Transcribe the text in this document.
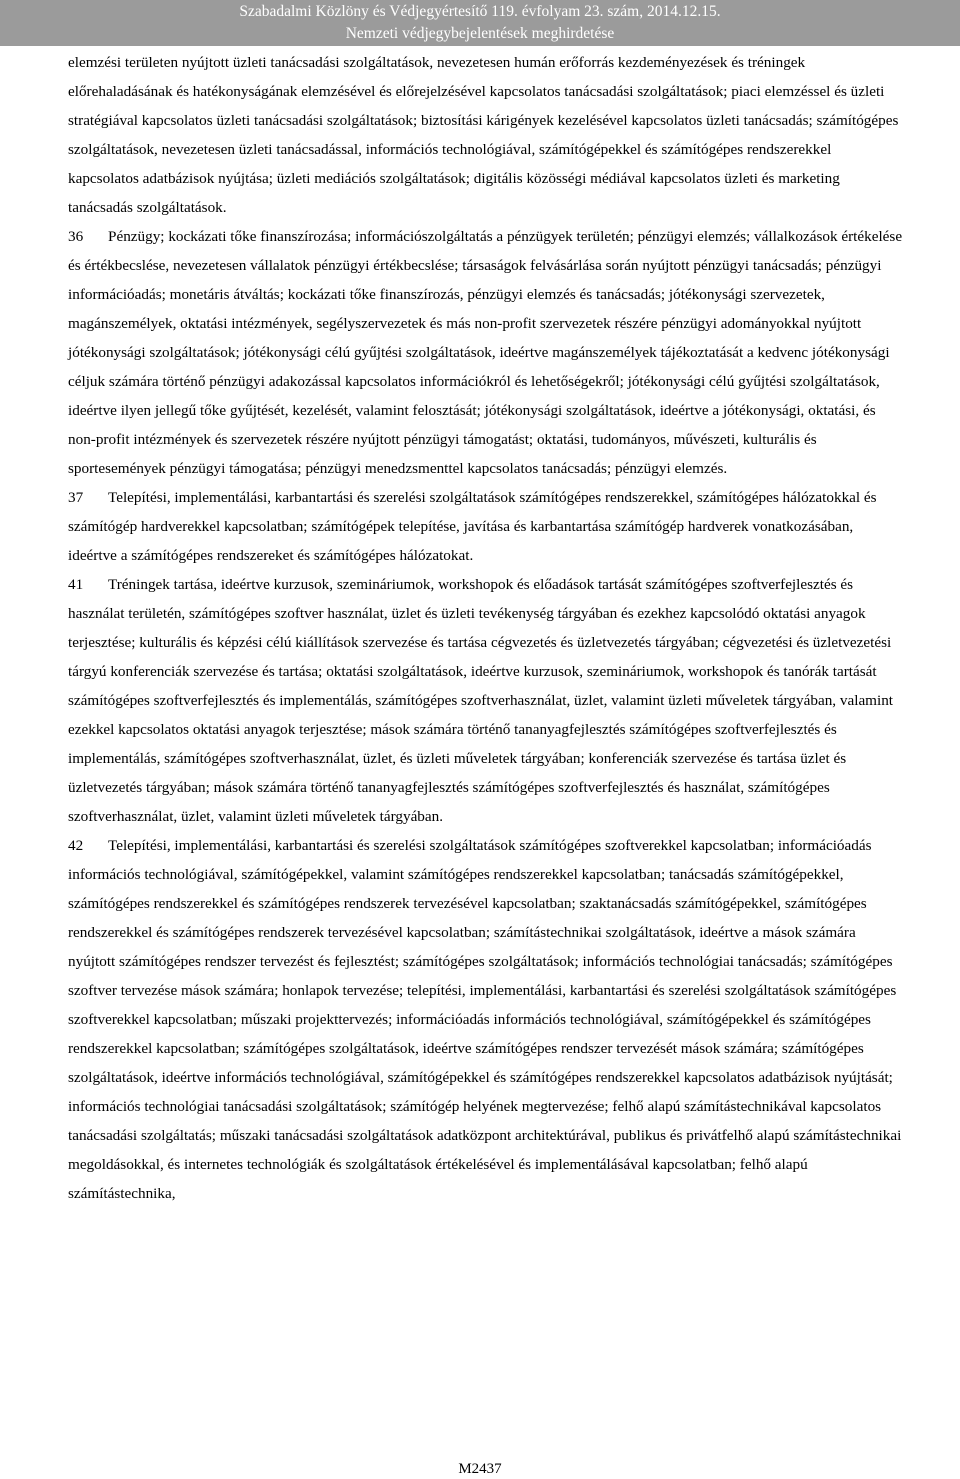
Szabadalmi Közlöny és Védjegyértesítő 119. évfolyam 23. szám, 2014.12.15.
Nemzeti védjegybejelentések meghirdetése

elemzési területen nyújtott üzleti tanácsadási szolgáltatások, nevezetesen humán erőforrás kezdeményezések és tréningek előrehaladásának és hatékonyságának elemzésével és előrejelzésével kapcsolatos tanácsadási szolgáltatások; piaci elemzéssel és üzleti stratégiával kapcsolatos üzleti tanácsadási szolgáltatások; biztosítási kárigények kezelésével kapcsolatos üzleti tanácsadás; számítógépes szolgáltatások, nevezetesen üzleti tanácsadással, információs technológiával, számítógépekkel és számítógépes rendszerekkel kapcsolatos adatbázisok nyújtása; üzleti mediációs szolgáltatások; digitális közösségi médiával kapcsolatos üzleti és marketing tanácsadás szolgáltatások.

36 Pénzügy; kockázati tőke finanszírozása; információszolgáltatás a pénzügyek területén; pénzügyi elemzés; vállalkozások értékelése és értékbecslése, nevezetesen vállalatok pénzügyi értékbecslése; társaságok felvásárlása során nyújtott pénzügyi tanácsadás; pénzügyi információadás; monetáris átváltás; kockázati tőke finanszírozás, pénzügyi elemzés és tanácsadás; jótékonysági szervezetek, magánszemélyek, oktatási intézmények, segélyszervezetek és más non-profit szervezetek részére pénzügyi adományokkal nyújtott jótékonysági szolgáltatások; jótékonysági célú gyűjtési szolgáltatások, ideértve magánszemélyek tájékoztatását a kedvenc jótékonysági céljuk számára történő pénzügyi adakozással kapcsolatos információkról és lehetőségekről; jótékonysági célú gyűjtési szolgáltatások, ideértve ilyen jellegű tőke gyűjtését, kezelését, valamint felosztását; jótékonysági szolgáltatások, ideértve a jótékonysági, oktatási, és non-profit intézmények és szervezetek részére nyújtott pénzügyi támogatást; oktatási, tudományos, művészeti, kulturális és sportesemények pénzügyi támogatása; pénzügyi menedzsmenttel kapcsolatos tanácsadás; pénzügyi elemzés.

37 Telepítési, implementálási, karbantartási és szerelési szolgáltatások számítógépes rendszerekkel, számítógépes hálózatokkal és számítógép hardverekkel kapcsolatban; számítógépek telepítése, javítása és karbantartása számítógép hardverek vonatkozásában, ideértve a számítógépes rendszereket és számítógépes hálózatokat.

41 Tréningek tartása, ideértve kurzusok, szemináriumok, workshopok és előadások tartását számítógépes szoftverfejlesztés és használat területén, számítógépes szoftver használat, üzlet és üzleti tevékenység tárgyában és ezekhez kapcsolódó oktatási anyagok terjesztése; kulturális és képzési célú kiállítások szervezése és tartása cégvezetés és üzletvezetés tárgyában; cégvezetési és üzletvezetési tárgyú konferenciák szervezése és tartása; oktatási szolgáltatások, ideértve kurzusok, szemináriumok, workshopok és tanórák tartását számítógépes szoftverfejlesztés és implementálás, számítógépes szoftverhasználat, üzlet, valamint üzleti műveletek tárgyában, valamint ezekkel kapcsolatos oktatási anyagok terjesztése; mások számára történő tananyagfejlesztés számítógépes szoftverfejlesztés és implementálás, számítógépes szoftverhasználat, üzlet, és üzleti műveletek tárgyában; konferenciák szervezése és tartása üzlet és üzletvezetés tárgyában; mások számára történő tananyagfejlesztés számítógépes szoftverfejlesztés és használat, számítógépes szoftverhasználat, üzlet, valamint üzleti műveletek tárgyában.

42 Telepítési, implementálási, karbantartási és szerelési szolgáltatások számítógépes szoftverekkel kapcsolatban; információadás információs technológiával, számítógépekkel, valamint számítógépes rendszerekkel kapcsolatban; tanácsadás számítógépekkel, számítógépes rendszerekkel és számítógépes rendszerek tervezésével kapcsolatban; szaktanácsadás számítógépekkel, számítógépes rendszerekkel és számítógépes rendszerek tervezésével kapcsolatban; számítástechnikai szolgáltatások, ideértve a mások számára nyújtott számítógépes rendszer tervezést és fejlesztést; számítógépes szolgáltatások; információs technológiai tanácsadás; számítógépes szoftver tervezése mások számára; honlapok tervezése; telepítési, implementálási, karbantartási és szerelési szolgáltatások számítógépes szoftverekkel kapcsolatban; műszaki projekttervezés; információadás információs technológiával, számítógépekkel és számítógépes rendszerekkel kapcsolatban; számítógépes szolgáltatások, ideértve számítógépes rendszer tervezését mások számára; számítógépes szolgáltatások, ideértve információs technológiával, számítógépekkel és számítógépes rendszerekkel kapcsolatos adatbázisok nyújtását; információs technológiai tanácsadási szolgáltatások; számítógép helyének megtervezése; felhő alapú számítástechnikával kapcsolatos tanácsadási szolgáltatás; műszaki tanácsadási szolgáltatások adatközpont architektúrával, publikus és privátfelhő alapú számítástechnikai megoldásokkal, és internetes technológiák és szolgáltatások értékelésével és implementálásával kapcsolatban; felhő alapú számítástechnika,

M2437
